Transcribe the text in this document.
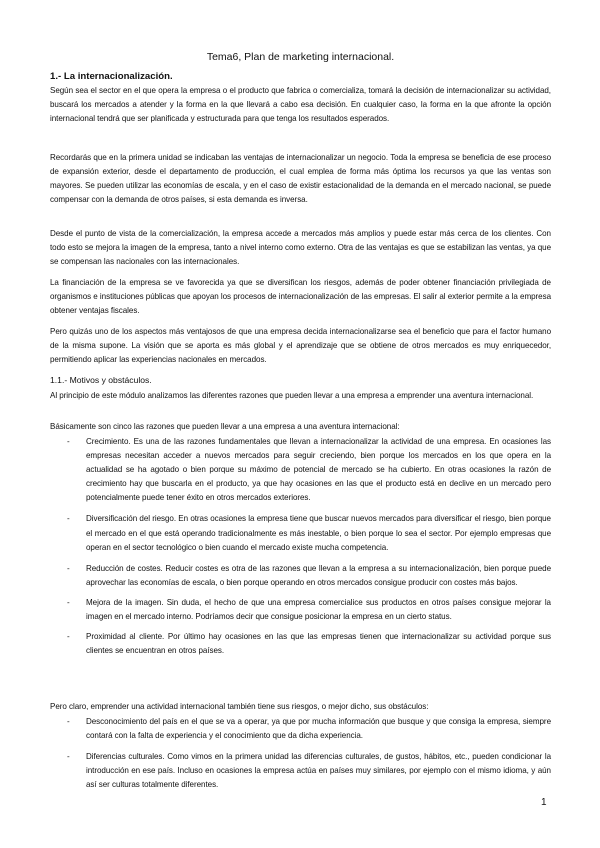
Tema6, Plan de marketing internacional.
1.- La internacionalización.
Según sea el sector en el que opera la empresa o el producto que fabrica o comercializa, tomará la decisión de internacionalizar su actividad, buscará los mercados a atender y la forma en la que llevará a cabo esa decisión. En cualquier caso, la forma en la que afronte la opción internacional tendrá que ser planificada y estructurada para que tenga los resultados esperados.
Recordarás que en la primera unidad se indicaban las ventajas de internacionalizar un negocio. Toda la empresa se beneficia de ese proceso de expansión exterior, desde el departamento de producción, el cual emplea de forma más óptima los recursos ya que las ventas son mayores. Se pueden utilizar las economías de escala, y en el caso de existir estacionalidad de la demanda en el mercado nacional, se puede compensar con la demanda de otros países, si esta demanda es inversa.
Desde el punto de vista de la comercialización, la empresa accede a mercados más amplios y puede estar más cerca de los clientes. Con todo esto se mejora la imagen de la empresa, tanto a nivel interno como externo. Otra de las ventajas es que se estabilizan las ventas, ya que se compensan las nacionales con las internacionales.
La financiación de la empresa se ve favorecida ya que se diversifican los riesgos, además de poder obtener financiación privilegiada de organismos e instituciones públicas que apoyan los procesos de internacionalización de las empresas. El salir al exterior permite a la empresa obtener ventajas fiscales.
Pero quizás uno de los aspectos más ventajosos de que una empresa decida internacionalizarse sea el beneficio que para el factor humano de la misma supone. La visión que se aporta es más global y el aprendizaje que se obtiene de otros mercados es muy enriquecedor, permitiendo aplicar las experiencias nacionales en mercados.
1.1.- Motivos y obstáculos.
Al principio de este módulo analizamos las diferentes razones que pueden llevar a una empresa a emprender una aventura internacional.
Básicamente son cinco las razones que pueden llevar a una empresa a una aventura internacional:
- Crecimiento. Es una de las razones fundamentales que llevan a internacionalizar la actividad de una empresa. En ocasiones las empresas necesitan acceder a nuevos mercados para seguir creciendo, bien porque los mercados en los que opera en la actualidad se ha agotado o bien porque su máximo de potencial de mercado se ha cubierto. En otras ocasiones la razón de crecimiento hay que buscarla en el producto, ya que hay ocasiones en las que el producto está en declive en un mercado pero potencialmente puede tener éxito en otros mercados exteriores.
- Diversificación del riesgo. En otras ocasiones la empresa tiene que buscar nuevos mercados para diversificar el riesgo, bien porque el mercado en el que está operando tradicionalmente es más inestable, o bien porque lo sea el sector. Por ejemplo empresas que operan en el sector tecnológico o bien cuando el mercado existe mucha competencia.
- Reducción de costes. Reducir costes es otra de las razones que llevan a la empresa a su internacionalización, bien porque puede aprovechar las economías de escala, o bien porque operando en otros mercados consigue producir con costes más bajos.
- Mejora de la imagen. Sin duda, el hecho de que una empresa comercialice sus productos en otros países consigue mejorar la imagen en el mercado interno. Podríamos decir que consigue posicionar la empresa en un cierto status.
- Proximidad al cliente. Por último hay ocasiones en las que las empresas tienen que internacionalizar su actividad porque sus clientes se encuentran en otros países.
Pero claro, emprender una actividad internacional también tiene sus riesgos, o mejor dicho, sus obstáculos:
- Desconocimiento del país en el que se va a operar, ya que por mucha información que busque y que consiga la empresa, siempre contará con la falta de experiencia y el conocimiento que da dicha experiencia.
- Diferencias culturales. Como vimos en la primera unidad las diferencias culturales, de gustos, hábitos, etc., pueden condicionar la introducción en ese país. Incluso en ocasiones la empresa actúa en países muy similares, por ejemplo con el mismo idioma, y aún así ser culturas totalmente diferentes.
1
